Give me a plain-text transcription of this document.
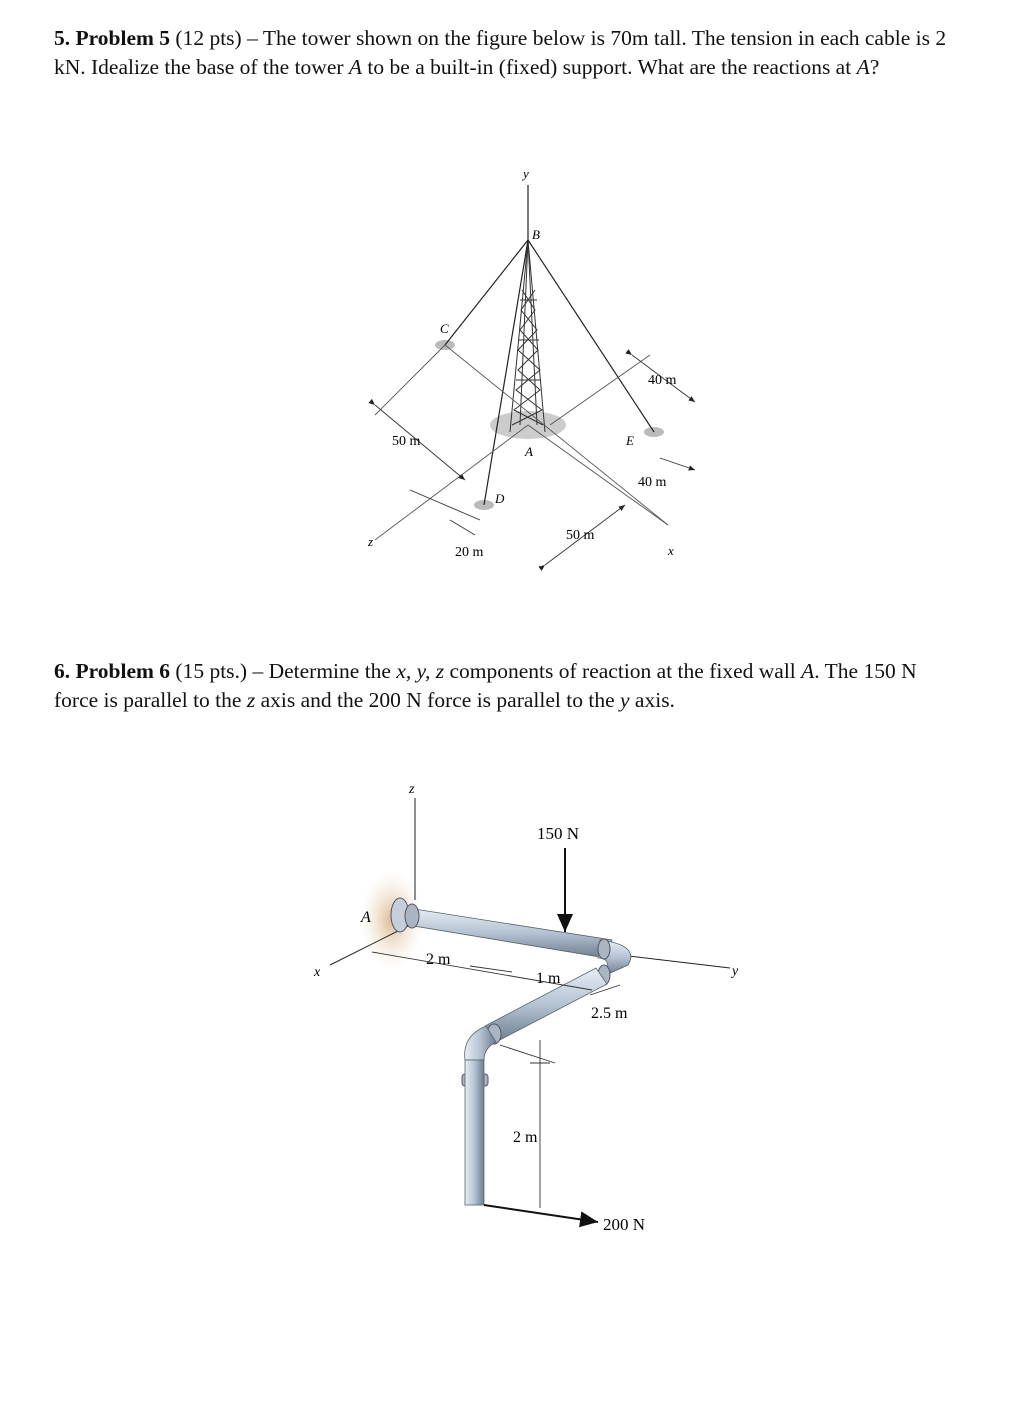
5. Problem 5 (12 pts) – The tower shown on the figure below is 70m tall. The tension in each cable is 2 kN. Idealize the base of the tower A to be a built-in (fixed) support. What are the reactions at A?

y
B
C
D
E
A
z
x
50 m
20 m
50 m
40 m
40 m

6. Problem 6 (15 pts.) – Determine the x, y, z components of reaction at the fixed wall A. The 150 N force is parallel to the z axis and the 200 N force is parallel to the y axis.

z
A
x	y
150 N
200 N
2 m
1 m
2.5 m
2 m
